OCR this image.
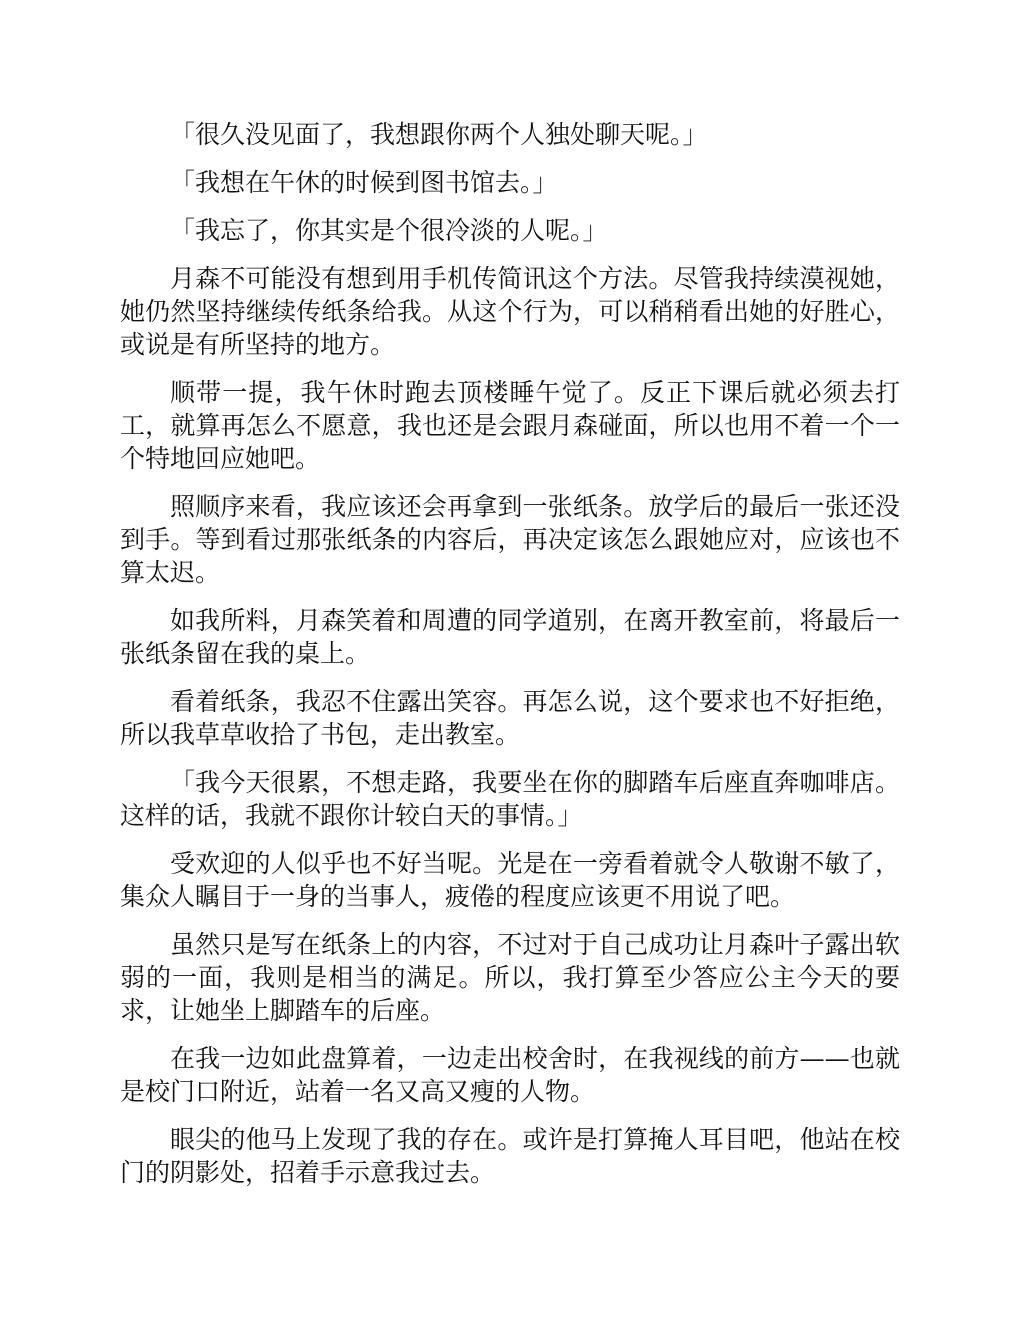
「很久没见面了，我想跟你两个人独处聊天呢。」

「我想在午休的时候到图书馆去。」

「我忘了，你其实是个很冷淡的人呢。」

月森不可能没有想到用手机传简讯这个方法。尽管我持续漠视她，她仍然坚持继续传纸条给我。从这个行为，可以稍稍看出她的好胜心，或说是有所坚持的地方。

顺带一提，我午休时跑去顶楼睡午觉了。反正下课后就必须去打工，就算再怎么不愿意，我也还是会跟月森碰面，所以也用不着一个一个特地回应她吧。

照顺序来看，我应该还会再拿到一张纸条。放学后的最后一张还没到手。等到看过那张纸条的内容后，再决定该怎么跟她应对，应该也不算太迟。

如我所料，月森笑着和周遭的同学道别，在离开教室前，将最后一张纸条留在我的桌上。

看着纸条，我忍不住露出笑容。再怎么说，这个要求也不好拒绝，所以我草草收拾了书包，走出教室。

「我今天很累，不想走路，我要坐在你的脚踏车后座直奔咖啡店。这样的话，我就不跟你计较白天的事情。」

受欢迎的人似乎也不好当呢。光是在一旁看着就令人敬谢不敏了，集众人瞩目于一身的当事人，疲倦的程度应该更不用说了吧。

虽然只是写在纸条上的内容，不过对于自己成功让月森叶子露出软弱的一面，我则是相当的满足。所以，我打算至少答应公主今天的要求，让她坐上脚踏车的后座。

在我一边如此盘算着，一边走出校舍时，在我视线的前方——也就是校门口附近，站着一名又高又瘦的人物。

眼尖的他马上发现了我的存在。或许是打算掩人耳目吧，他站在校门的阴影处，招着手示意我过去。
